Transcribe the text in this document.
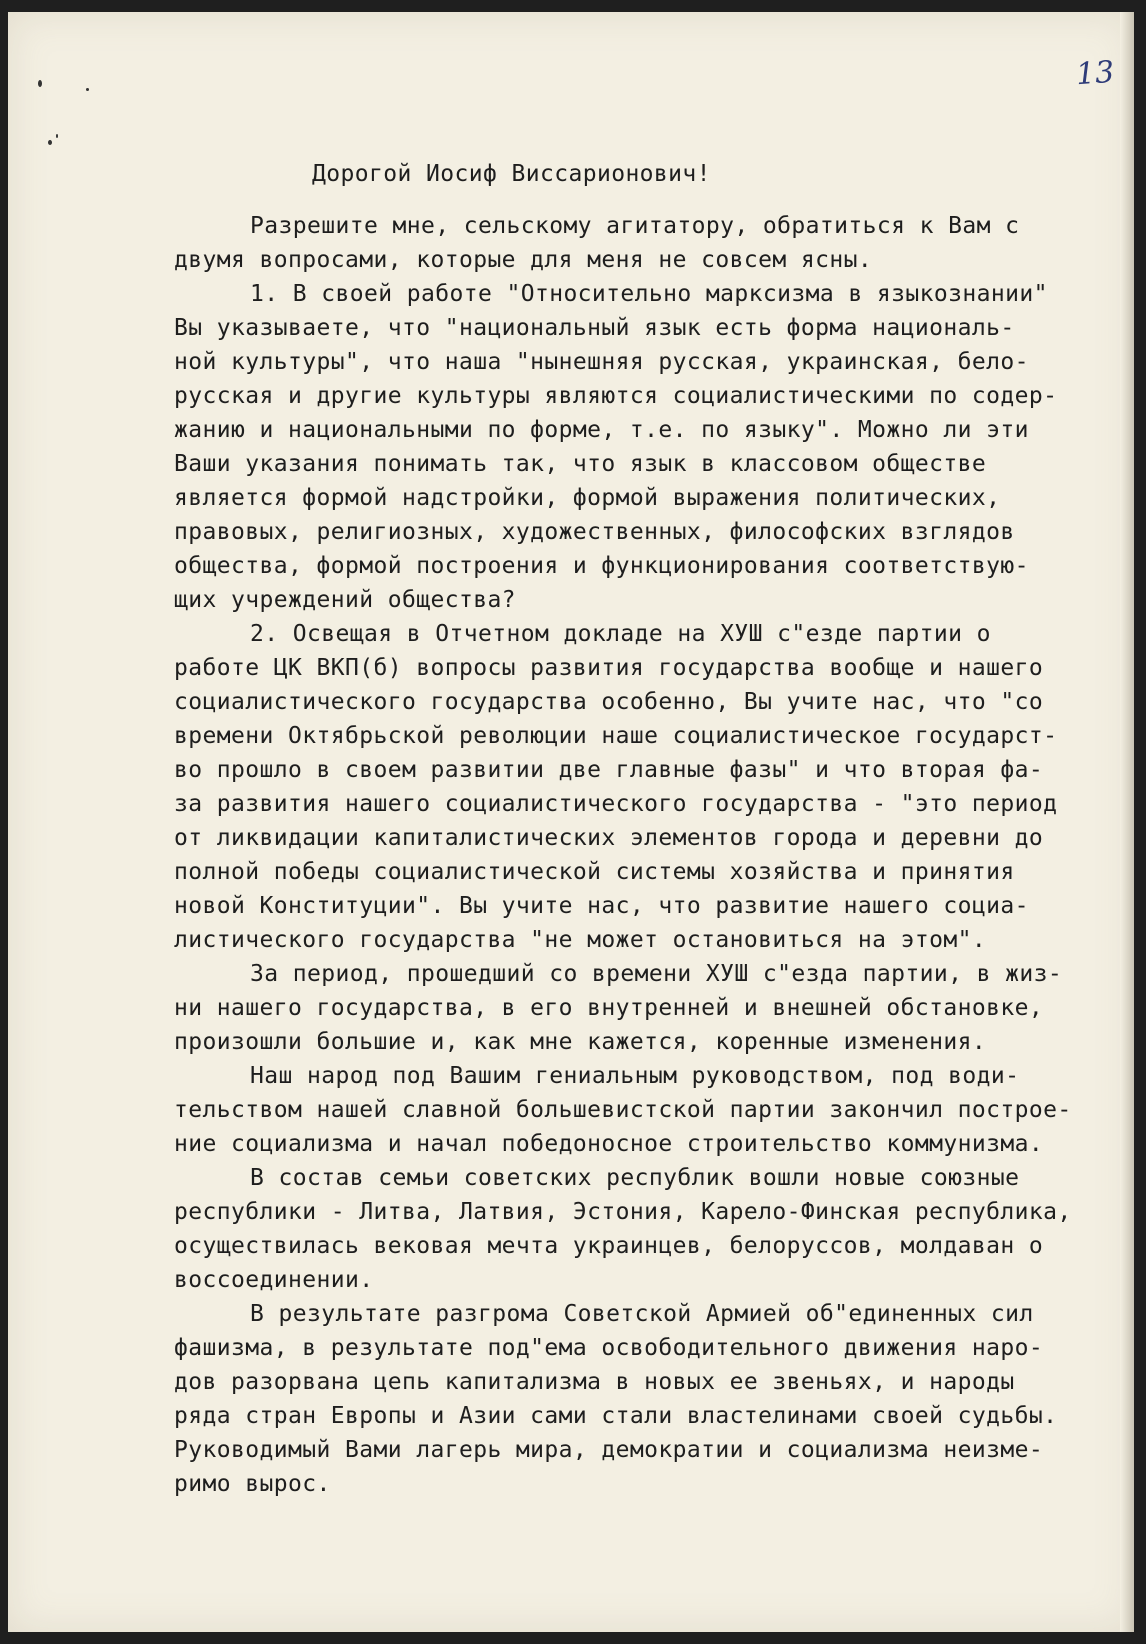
13
Дорогой Иосиф Виссарионович!
Разрешите мне, сельскому агитатору, обратиться к Вам с
двумя вопросами, которые для меня не совсем ясны.
1. В своей работе "Относительно марксизма в языкознании"
Вы указываете, что "национальный язык есть форма националь-
ной культуры", что наша "нынешняя русская, украинская, бело-
русская и другие культуры являются социалистическими по содер-
жанию и национальными по форме, т.е. по языку". Можно ли эти
Ваши указания понимать так, что язык в классовом обществе
является формой надстройки, формой выражения политических,
правовых, религиозных, художественных, философских взглядов
общества, формой построения и функционирования соответствую-
щих учреждений общества?
2. Освещая в Отчетном докладе на ХУШ с"езде партии о
работе ЦК ВКП(б) вопросы развития государства вообще и нашего
социалистического государства особенно, Вы учите нас, что "со
времени Октябрьской революции наше социалистическое государст-
во прошло в своем развитии две главные фазы" и что вторая фа-
за развития нашего социалистического государства - "это период
от ликвидации капиталистических элементов города и деревни до
полной победы социалистической системы хозяйства и принятия
новой Конституции". Вы учите нас, что развитие нашего социа-
листического государства "не может остановиться на этом".
За период, прошедший со времени ХУШ с"езда партии, в жиз-
ни нашего государства, в его внутренней и внешней обстановке,
произошли большие и, как мне кажется, коренные изменения.
Наш народ под Вашим гениальным руководством, под води-
тельством нашей славной большевистской партии закончил построе-
ние социализма и начал победоносное строительство коммунизма.
В состав семьи советских республик вошли новые союзные
республики - Литва, Латвия, Эстония, Карело-Финская республика,
осуществилась вековая мечта украинцев, белоруссов, молдаван о
воссоединении.
В результате разгрома Советской Армией об"единенных сил
фашизма, в результате под"ема освободительного движения наро-
дов разорвана цепь капитализма в новых ее звеньях, и народы
ряда стран Европы и Азии сами стали властелинами своей судьбы.
Руководимый Вами лагерь мира, демократии и социализма неизме-
римо вырос.
